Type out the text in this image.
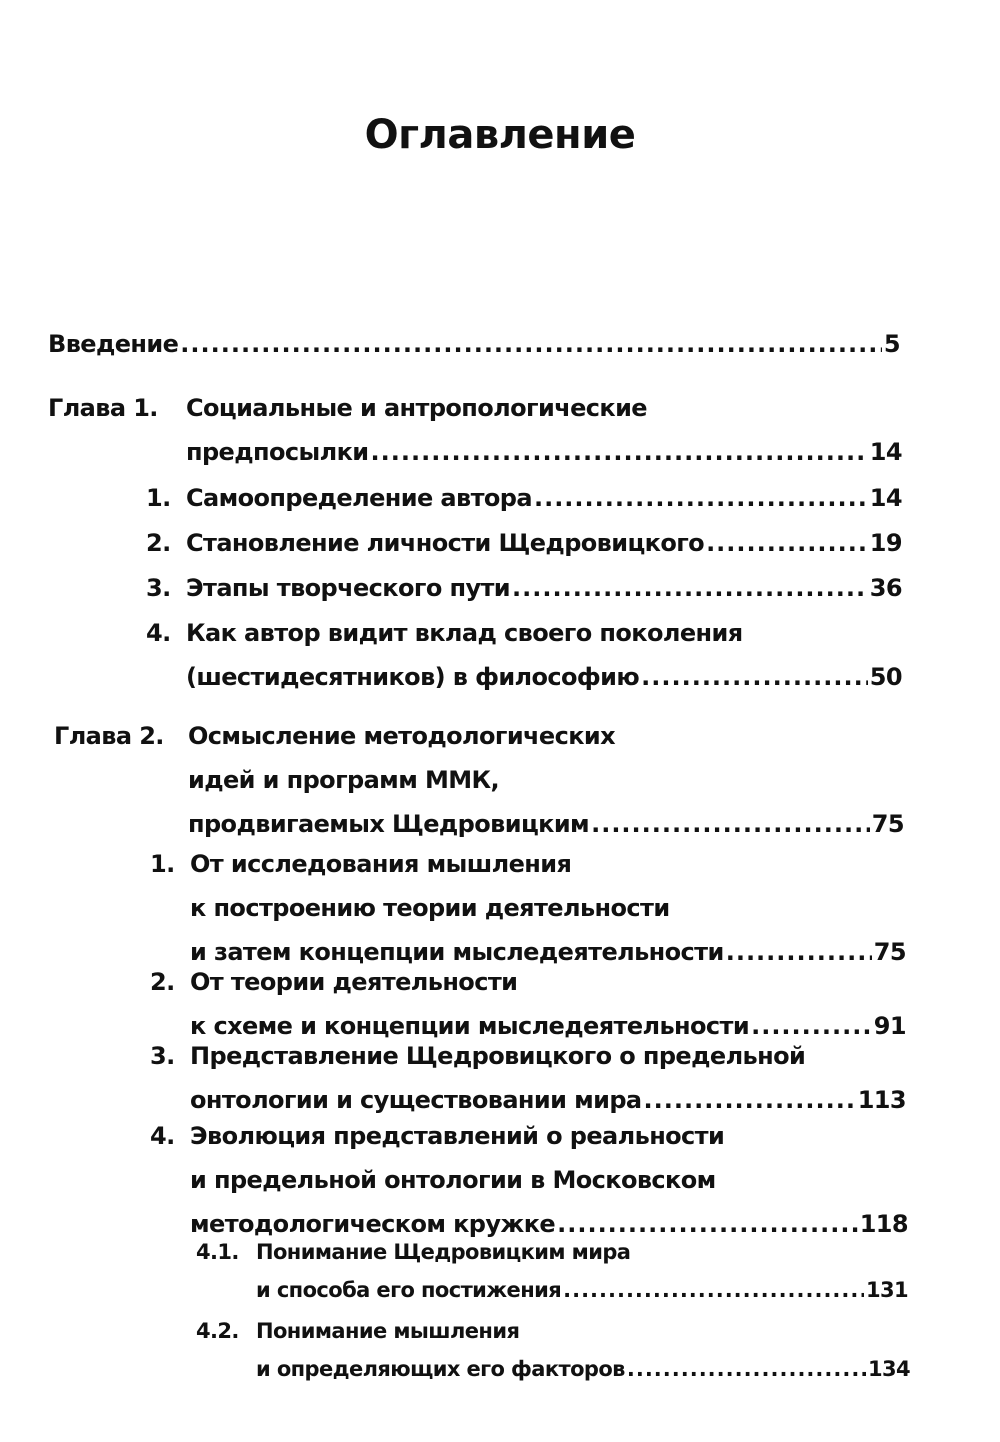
Оглавление
Введение .....	5
Глава 1. Социальные и антропологические
предпосылки .....	14
1. Самоопределение автора .....	14
2. Становление личности Щедровицкого .....	19
3. Этапы творческого пути .....	36
4. Как автор видит вклад своего поколения
(шестидесятников) в философию .....	50
Глава 2. Осмысление методологических
идей и программ ММК,
продвигаемых Щедровицким .....	75
1. От исследования мышления
к построению теории деятельности
и затем концепции мыследеятельности .....	75
2. От теории деятельности
к схеме и концепции мыследеятельности .....	91
3. Представление Щедровицкого о предельной
онтологии и существовании мира .....	113
4. Эволюция представлений о реальности
и предельной онтологии в Московском
методологическом кружке .....	118
4.1. Понимание Щедровицким мира
и способа его постижения .....	131
4.2. Понимание мышления
и определяющих его факторов .....	134
